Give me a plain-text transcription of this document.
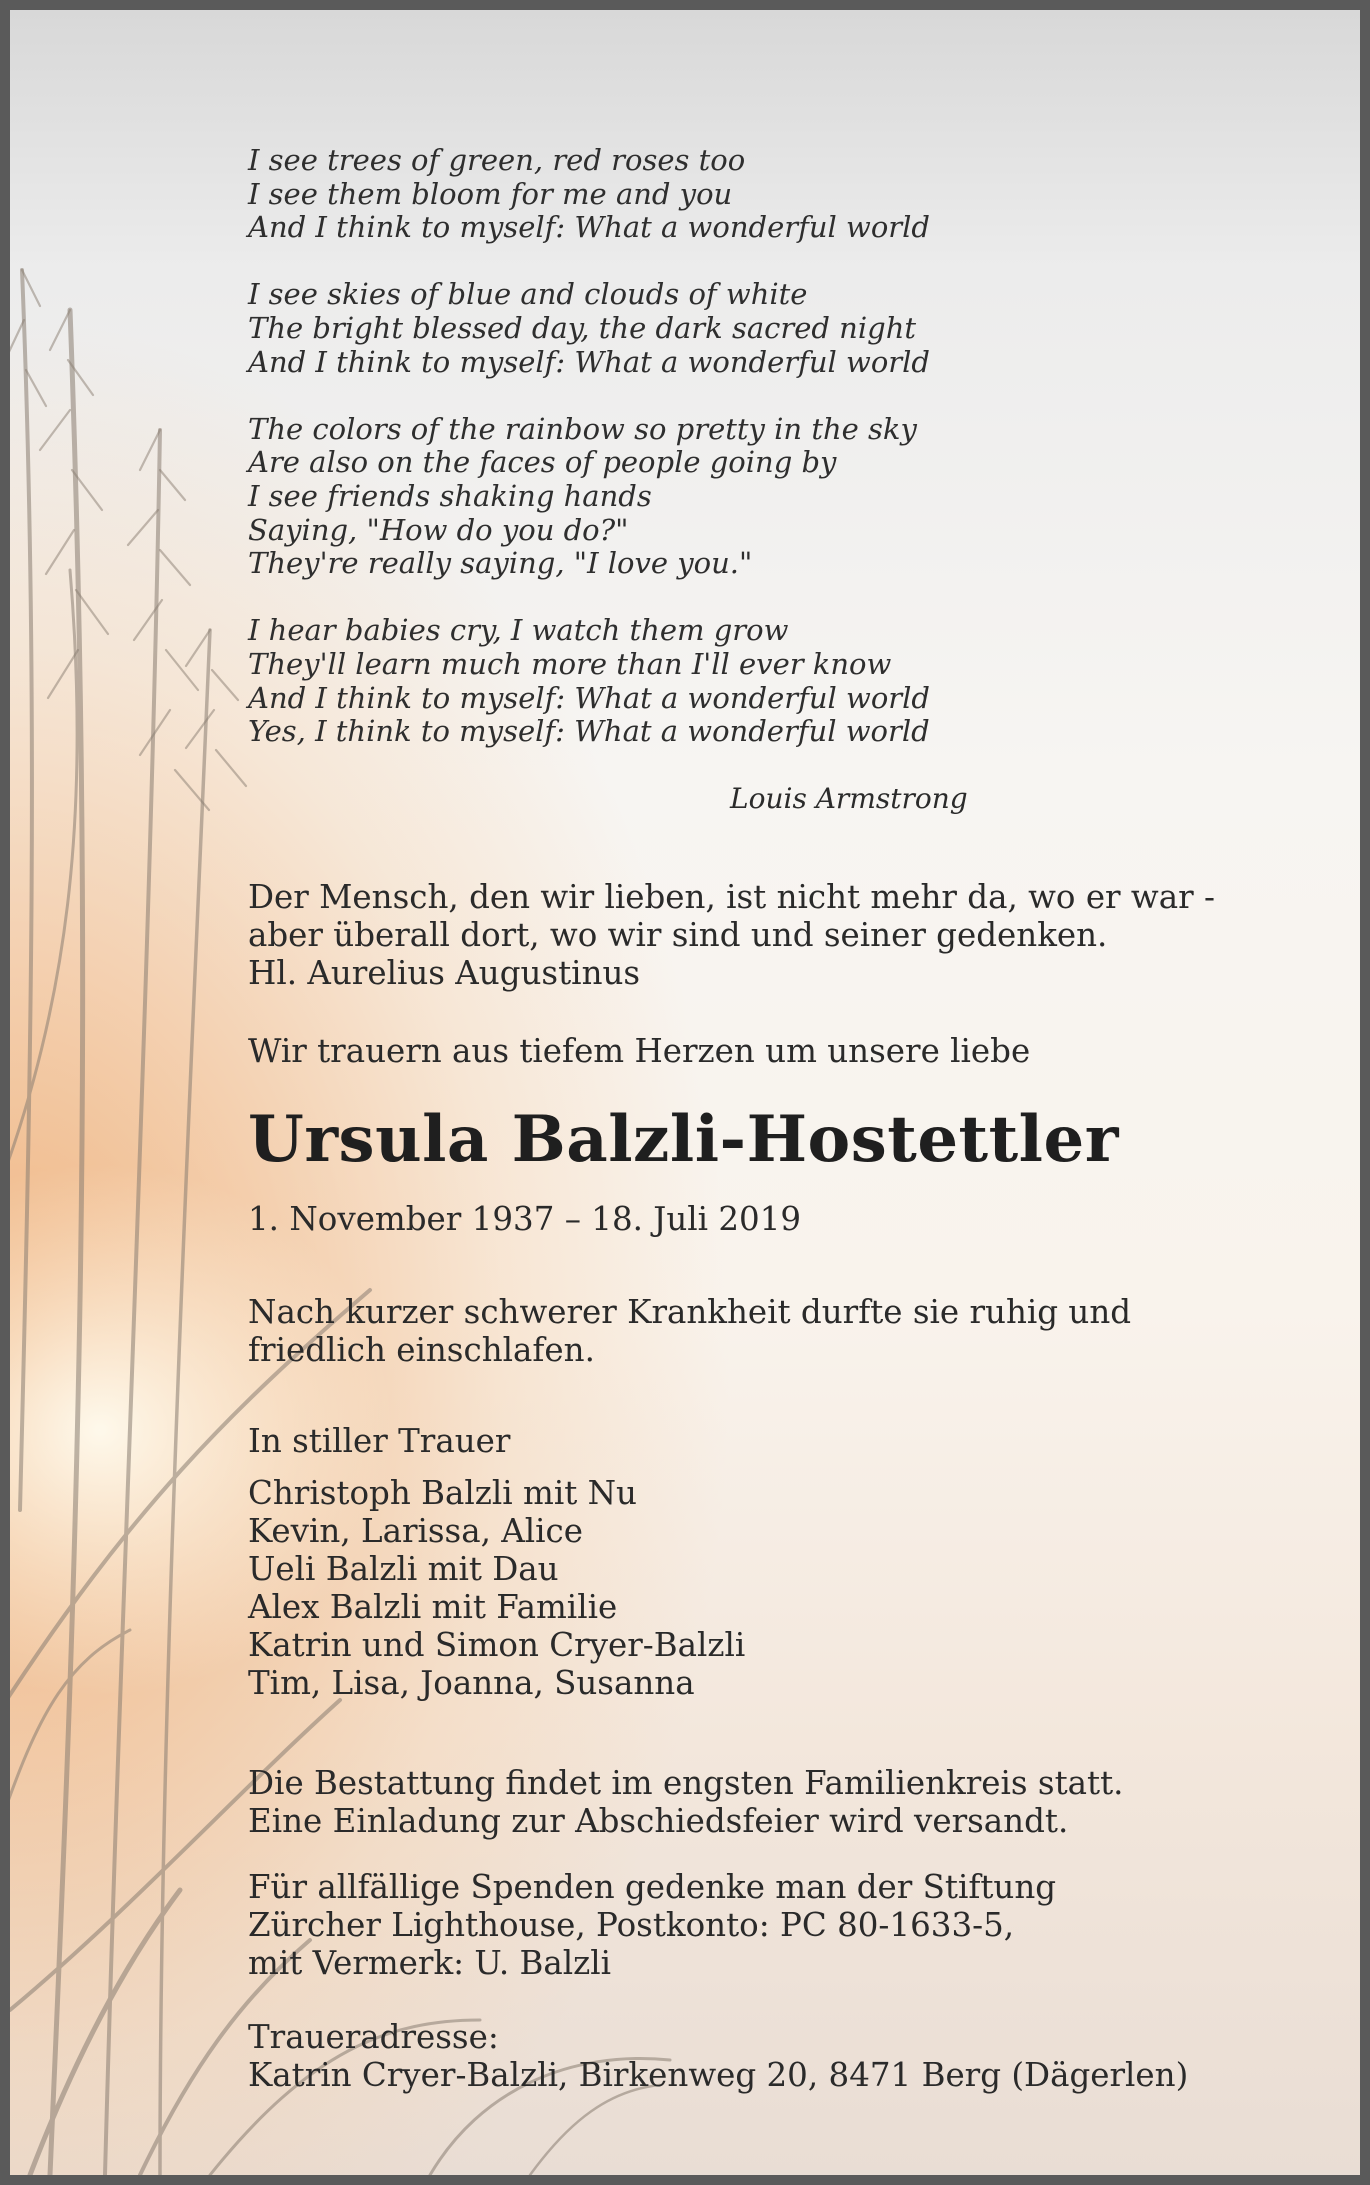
I see trees of green, red roses too
I see them bloom for me and you
And I think to myself: What a wonderful world
I see skies of blue and clouds of white
The bright blessed day, the dark sacred night
And I think to myself: What a wonderful world
The colors of the rainbow so pretty in the sky
Are also on the faces of people going by
I see friends shaking hands
Saying, "How do you do?"
They're really saying, "I love you."
I hear babies cry, I watch them grow
They'll learn much more than I'll ever know
And I think to myself: What a wonderful world
Yes, I think to myself: What a wonderful world
Louis Armstrong
Der Mensch, den wir lieben, ist nicht mehr da, wo er war -
aber überall dort, wo wir sind und seiner gedenken.
Hl. Aurelius Augustinus
Wir trauern aus tiefem Herzen um unsere liebe
Ursula Balzli-Hostettler
1. November 1937 – 18. Juli 2019
Nach kurzer schwerer Krankheit durfte sie ruhig und
friedlich einschlafen.
In stiller Trauer
Christoph Balzli mit Nu
Kevin, Larissa, Alice
Ueli Balzli mit Dau
Alex Balzli mit Familie
Katrin und Simon Cryer-Balzli
Tim, Lisa, Joanna, Susanna
Die Bestattung findet im engsten Familienkreis statt.
Eine Einladung zur Abschiedsfeier wird versandt.
Für allfällige Spenden gedenke man der Stiftung
Zürcher Lighthouse, Postkonto: PC 80-1633-5,
mit Vermerk: U. Balzli
Traueradresse:
Katrin Cryer-Balzli, Birkenweg 20, 8471 Berg (Dägerlen)
